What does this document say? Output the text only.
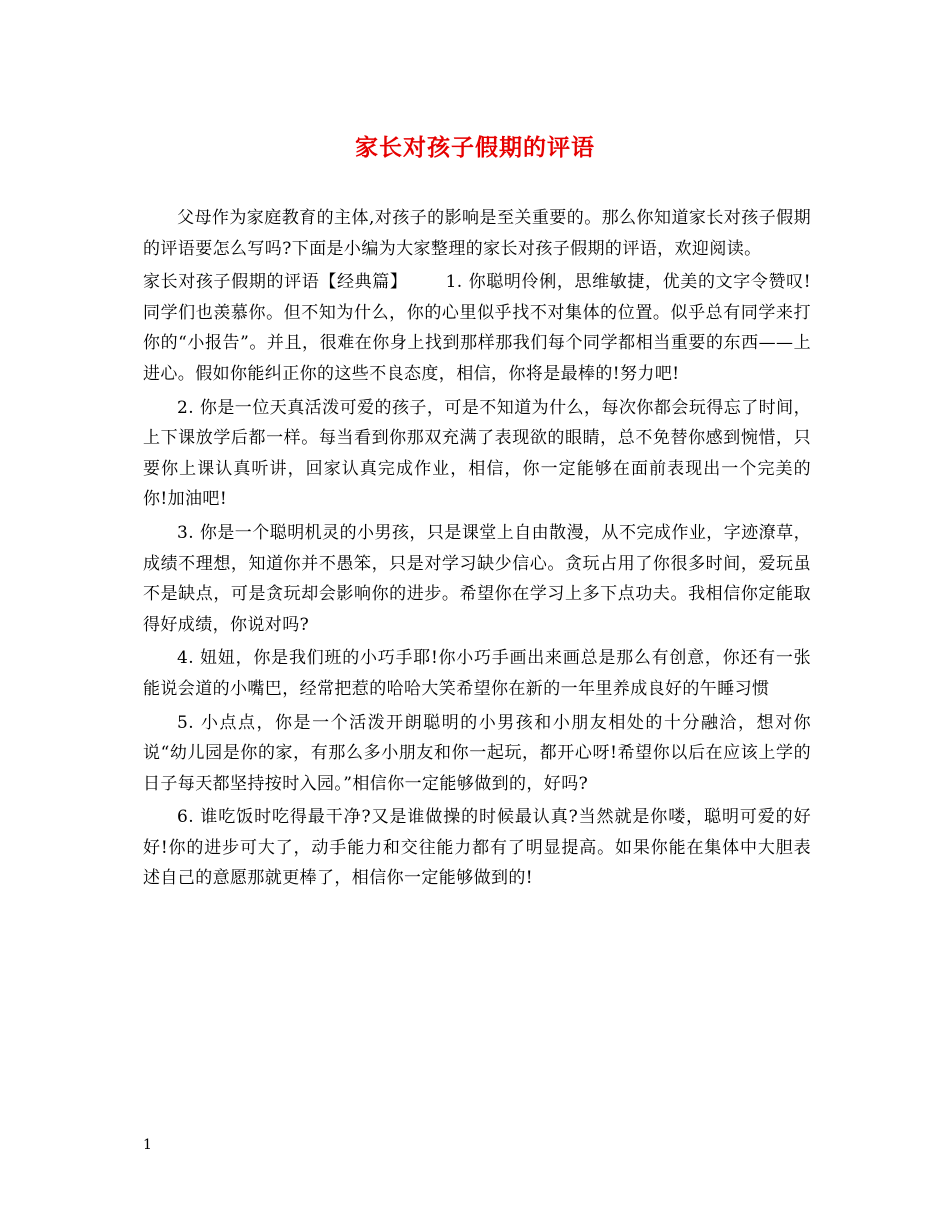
家长对孩子假期的评语

父母作为家庭教育的主体,对孩子的影响是至关重要的。那么你知道家长对孩子假期的评语要怎么写吗?下面是小编为大家整理的家长对孩子假期的评语，欢迎阅读。

家长对孩子假期的评语【经典篇】 1. 你聪明伶俐，思维敏捷，优美的文字令赞叹!同学们也羡慕你。但不知为什么，你的心里似乎找不对集体的位置。似乎总有同学来打你的“小报告”。并且，很难在你身上找到那样那我们每个同学都相当重要的东西——上进心。假如你能纠正你的这些不良态度，相信，你将是最棒的!努力吧!

2. 你是一位天真活泼可爱的孩子，可是不知道为什么，每次你都会玩得忘了时间，上下课放学后都一样。每当看到你那双充满了表现欲的眼睛，总不免替你感到惋惜，只要你上课认真听讲，回家认真完成作业，相信，你一定能够在面前表现出一个完美的你!加油吧!

3. 你是一个聪明机灵的小男孩，只是课堂上自由散漫，从不完成作业，字迹潦草，成绩不理想，知道你并不愚笨，只是对学习缺少信心。贪玩占用了你很多时间，爱玩虽不是缺点，可是贪玩却会影响你的进步。希望你在学习上多下点功夫。我相信你定能取得好成绩，你说对吗?

4. 妞妞，你是我们班的小巧手耶!你小巧手画出来画总是那么有创意，你还有一张能说会道的小嘴巴，经常把惹的哈哈大笑希望你在新的一年里养成良好的午睡习惯

5. 小点点，你是一个活泼开朗聪明的小男孩和小朋友相处的十分融洽，想对你说“幼儿园是你的家，有那么多小朋友和你一起玩，都开心呀!希望你以后在应该上学的日子每天都坚持按时入园。”相信你一定能够做到的，好吗?

6. 谁吃饭时吃得最干净?又是谁做操的时候最认真?当然就是你喽，聪明可爱的好好!你的进步可大了，动手能力和交往能力都有了明显提高。如果你能在集体中大胆表述自己的意愿那就更棒了，相信你一定能够做到的!

1
